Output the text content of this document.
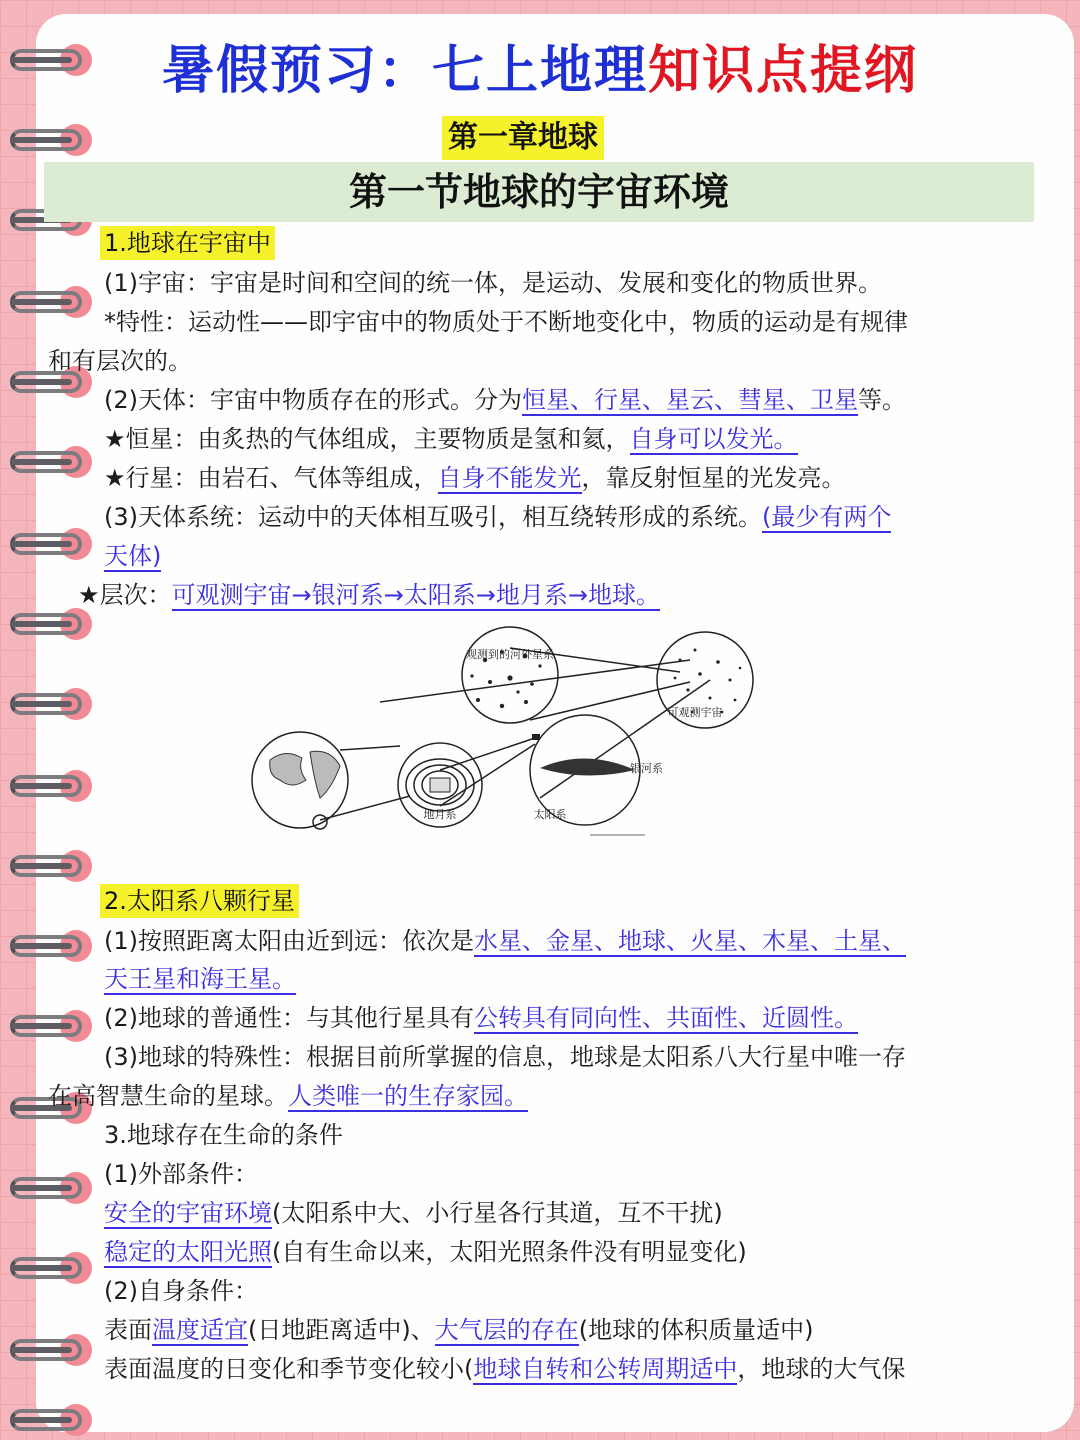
暑假预习：七上地理知识点提纲
第一章地球
第一节地球的宇宙环境
1.地球在宇宙中
(1)宇宙：宇宙是时间和空间的统一体，是运动、发展和变化的物质世界。
*特性：运动性——即宇宙中的物质处于不断地变化中，物质的运动是有规律
和有层次的。
(2)天体：宇宙中物质存在的形式。分为恒星、行星、星云、彗星、卫星等。
★恒星：由炙热的气体组成，主要物质是氢和氦，自身可以发光。
★行星：由岩石、气体等组成，自身不能发光，靠反射恒星的光发亮。
(3)天体系统：运动中的天体相互吸引，相互绕转形成的系统。(最少有两个
天体)
★层次：可观测宇宙→银河系→太阳系→地月系→地球。
观测到的河外星系
可观测宇宙
银河系
地月系	太阳系
2.太阳系八颗行星
(1)按照距离太阳由近到远：依次是水星、金星、地球、火星、木星、土星、
天王星和海王星。
(2)地球的普通性：与其他行星具有公转具有同向性、共面性、近圆性。
(3)地球的特殊性：根据目前所掌握的信息，地球是太阳系八大行星中唯一存
在高智慧生命的星球。人类唯一的生存家园。
3.地球存在生命的条件
(1)外部条件：
安全的宇宙环境(太阳系中大、小行星各行其道，互不干扰)
稳定的太阳光照(自有生命以来，太阳光照条件没有明显变化)
(2)自身条件：
表面温度适宜(日地距离适中)、大气层的存在(地球的体积质量适中)
表面温度的日变化和季节变化较小(地球自转和公转周期适中，地球的大气保
